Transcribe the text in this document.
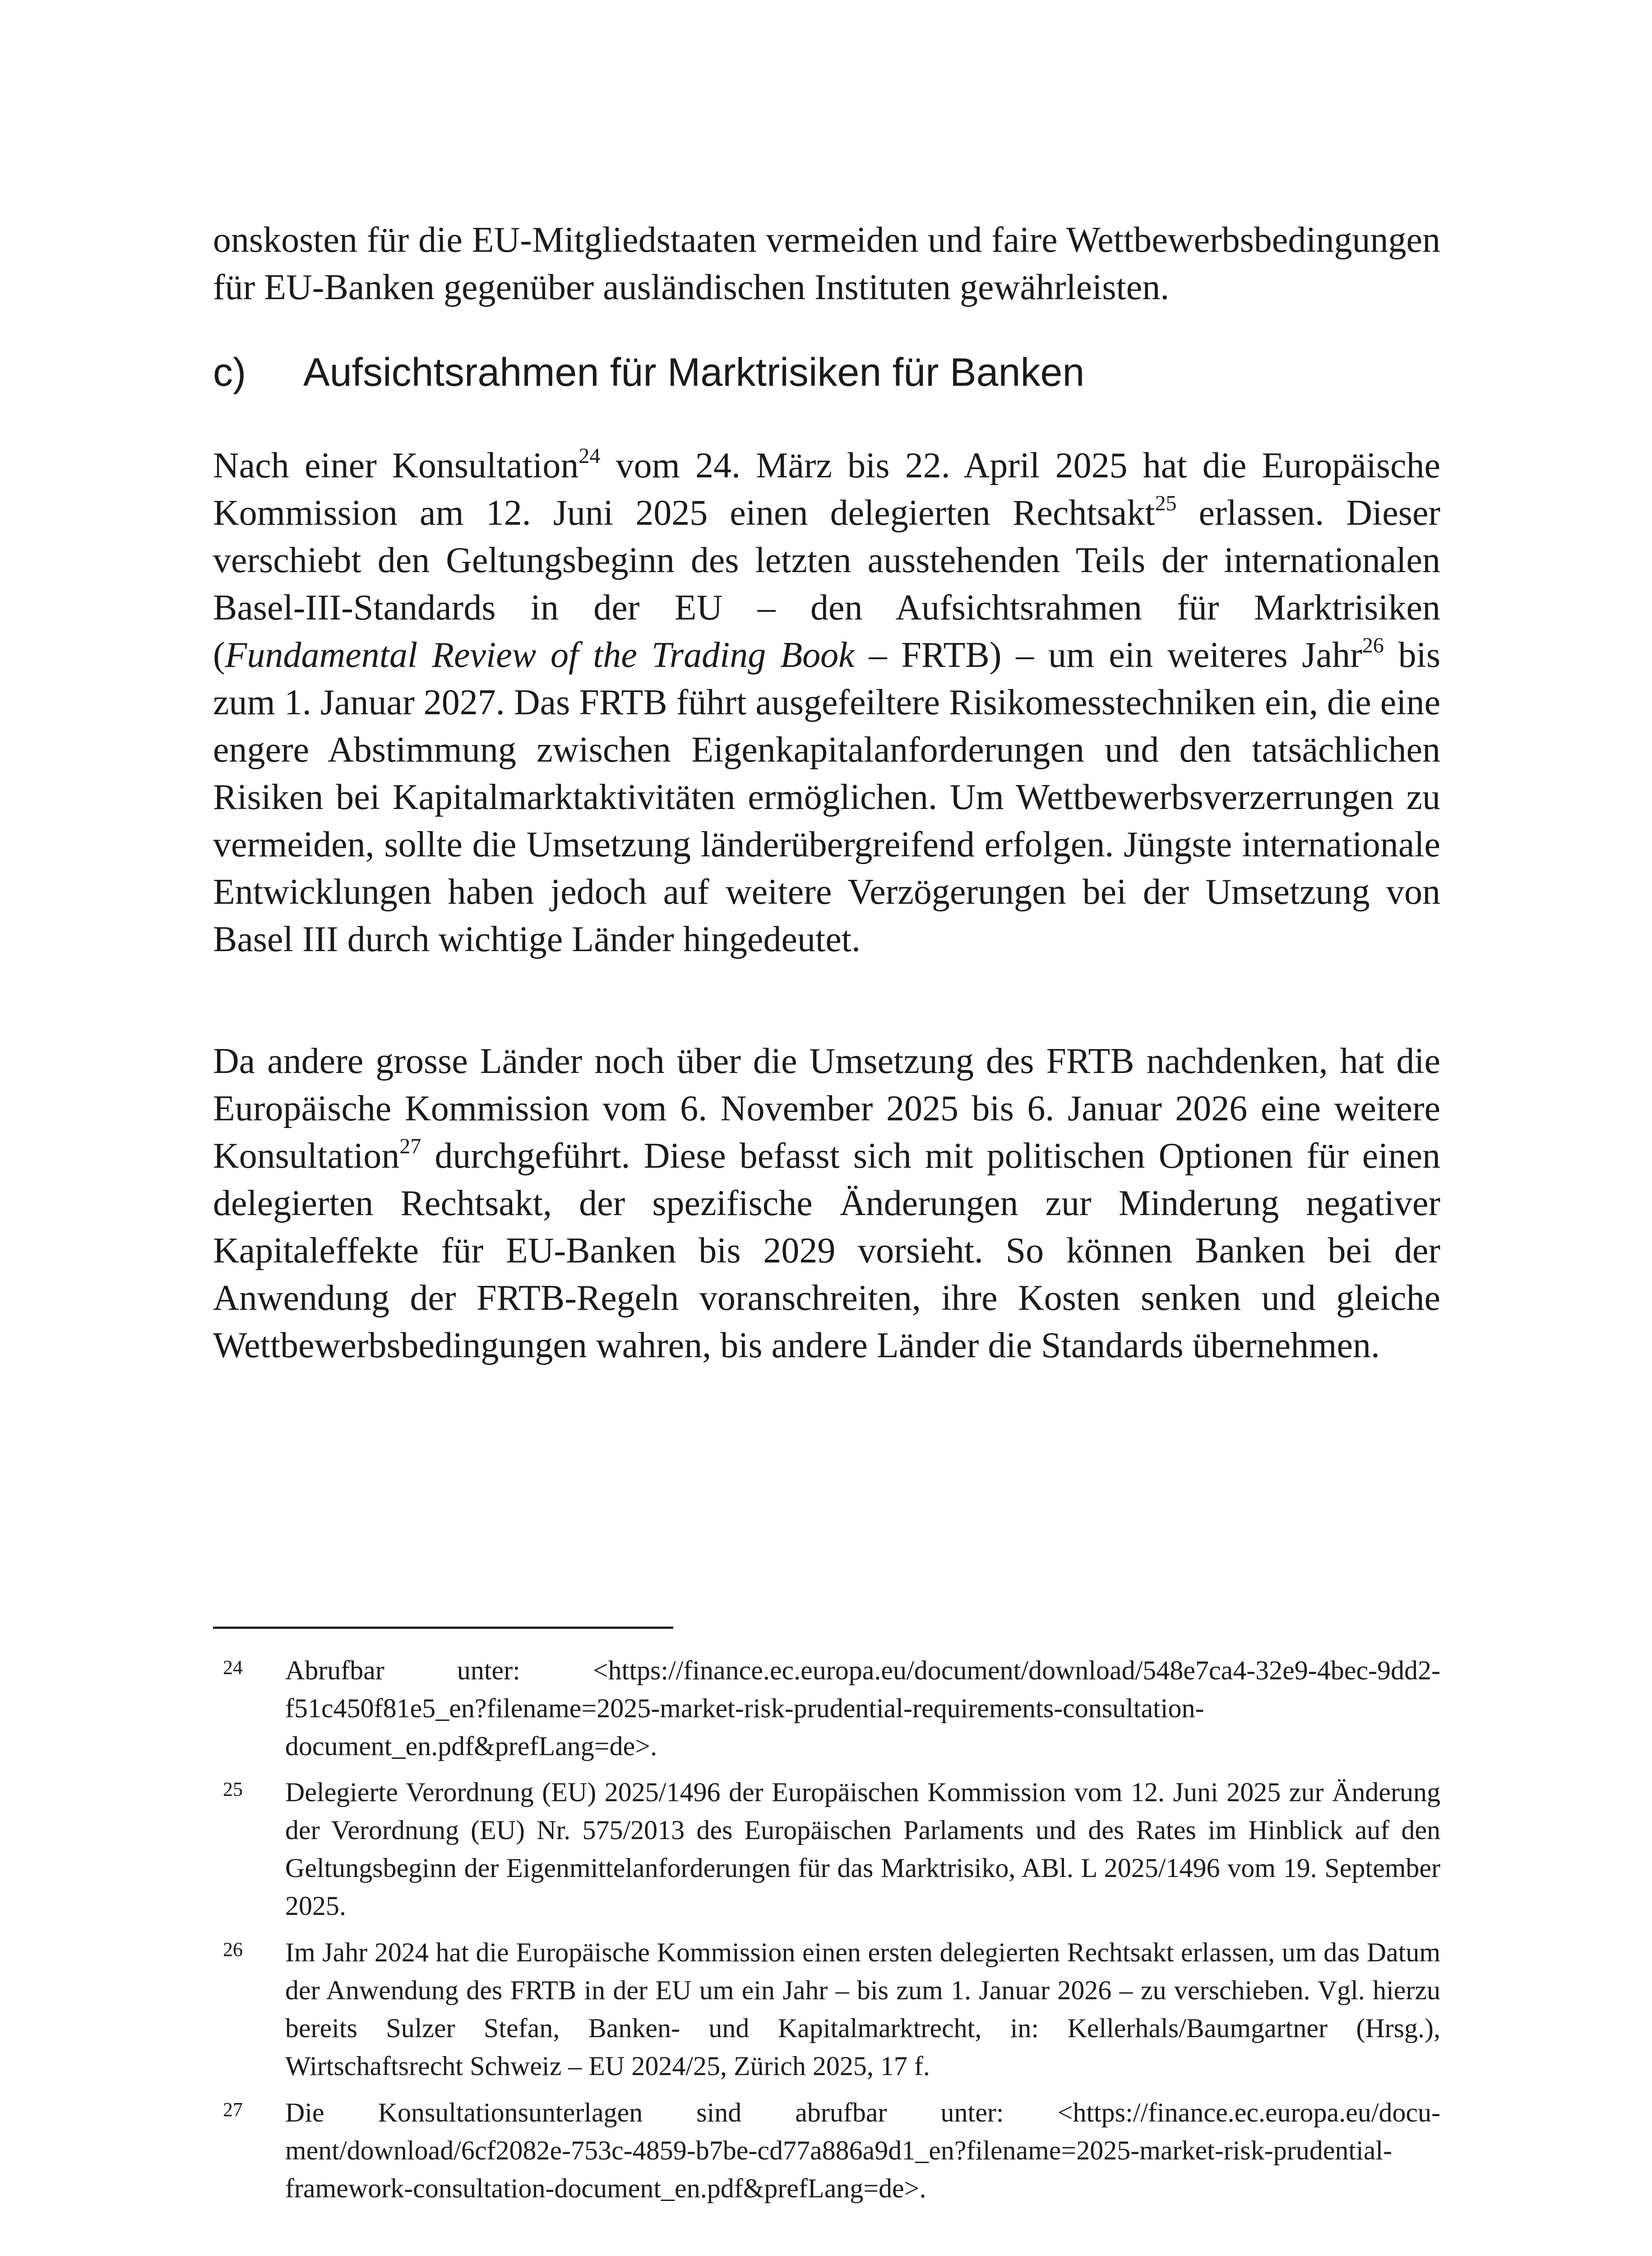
onskosten für die EU-Mitgliedstaaten vermeiden und faire Wettbewerbsbedingungen für EU-Banken gegenüber ausländischen Instituten gewährleisten.

c) Aufsichtsrahmen für Marktrisiken für Banken

Nach einer Konsultation$^{24}$ vom 24. März bis 22. April 2025 hat die Europäische Kommission am 12. Juni 2025 einen delegierten Rechtsakt$^{25}$ erlassen. Dieser verschiebt den Geltungsbeginn des letzten ausstehenden Teils der internationalen Basel-III-Standards in der EU – den Aufsichtsrahmen für Marktrisiken (Fundamental Review of the Trading Book – FRTB) – um ein weiteres Jahr$^{26}$ bis zum 1. Januar 2027. Das FRTB führt ausgefeiltere Risikomesstechniken ein, die eine engere Abstimmung zwischen Eigenkapitalanforderungen und den tatsächlichen Risiken bei Kapitalmarktaktivitäten ermöglichen. Um Wettbewerbsverzerrungen zu vermeiden, sollte die Umsetzung länderübergreifend erfolgen. Jüngste internationale Entwicklungen haben jedoch auf weitere Verzögerungen bei der Umsetzung von Basel III durch wichtige Länder hingedeutet.

Da andere grosse Länder noch über die Umsetzung des FRTB nachdenken, hat die Europäische Kommission vom 6. November 2025 bis 6. Januar 2026 eine weitere Konsultation$^{27}$ durchgeführt. Diese befasst sich mit politischen Optionen für einen delegierten Rechtsakt, der spezifische Änderungen zur Minderung negativer Kapitaleffekte für EU-Banken bis 2029 vorsieht. So können Banken bei der Anwendung der FRTB-Regeln voranschreiten, ihre Kosten senken und gleiche Wettbewerbsbedingungen wahren, bis andere Länder die Standards übernehmen.

24 Abrufbar unter: <https://finance.ec.europa.eu/document/download/548e7ca4-32e9-4bec-9dd2-f51c450f81e5_en?filename=2025-market-risk-prudential-requirements-consultation-document_en.pdf&prefLang=de>.
25 Delegierte Verordnung (EU) 2025/1496 der Europäischen Kommission vom 12. Juni 2025 zur Änderung der Verordnung (EU) Nr. 575/2013 des Europäischen Parlaments und des Rates im Hinblick auf den Geltungsbeginn der Eigenmittelanforderungen für das Marktrisiko, ABl. L 2025/1496 vom 19. September 2025.
26 Im Jahr 2024 hat die Europäische Kommission einen ersten delegierten Rechtsakt erlassen, um das Datum der Anwendung des FRTB in der EU um ein Jahr – bis zum 1. Januar 2026 – zu verschieben. Vgl. hierzu bereits Sulzer Stefan, Banken- und Kapitalmarktrecht, in: Kellerhals/Baumgartner (Hrsg.), Wirtschaftsrecht Schweiz – EU 2024/25, Zürich 2025, 17 f.
27 Die Konsultationsunterlagen sind abrufbar unter: <https://finance.ec.europa.eu/document/download/6cf2082e-753c-4859-b7be-cd77a886a9d1_en?filename=2025-market-risk-prudential-framework-consultation-document_en.pdf&prefLang=de>.
